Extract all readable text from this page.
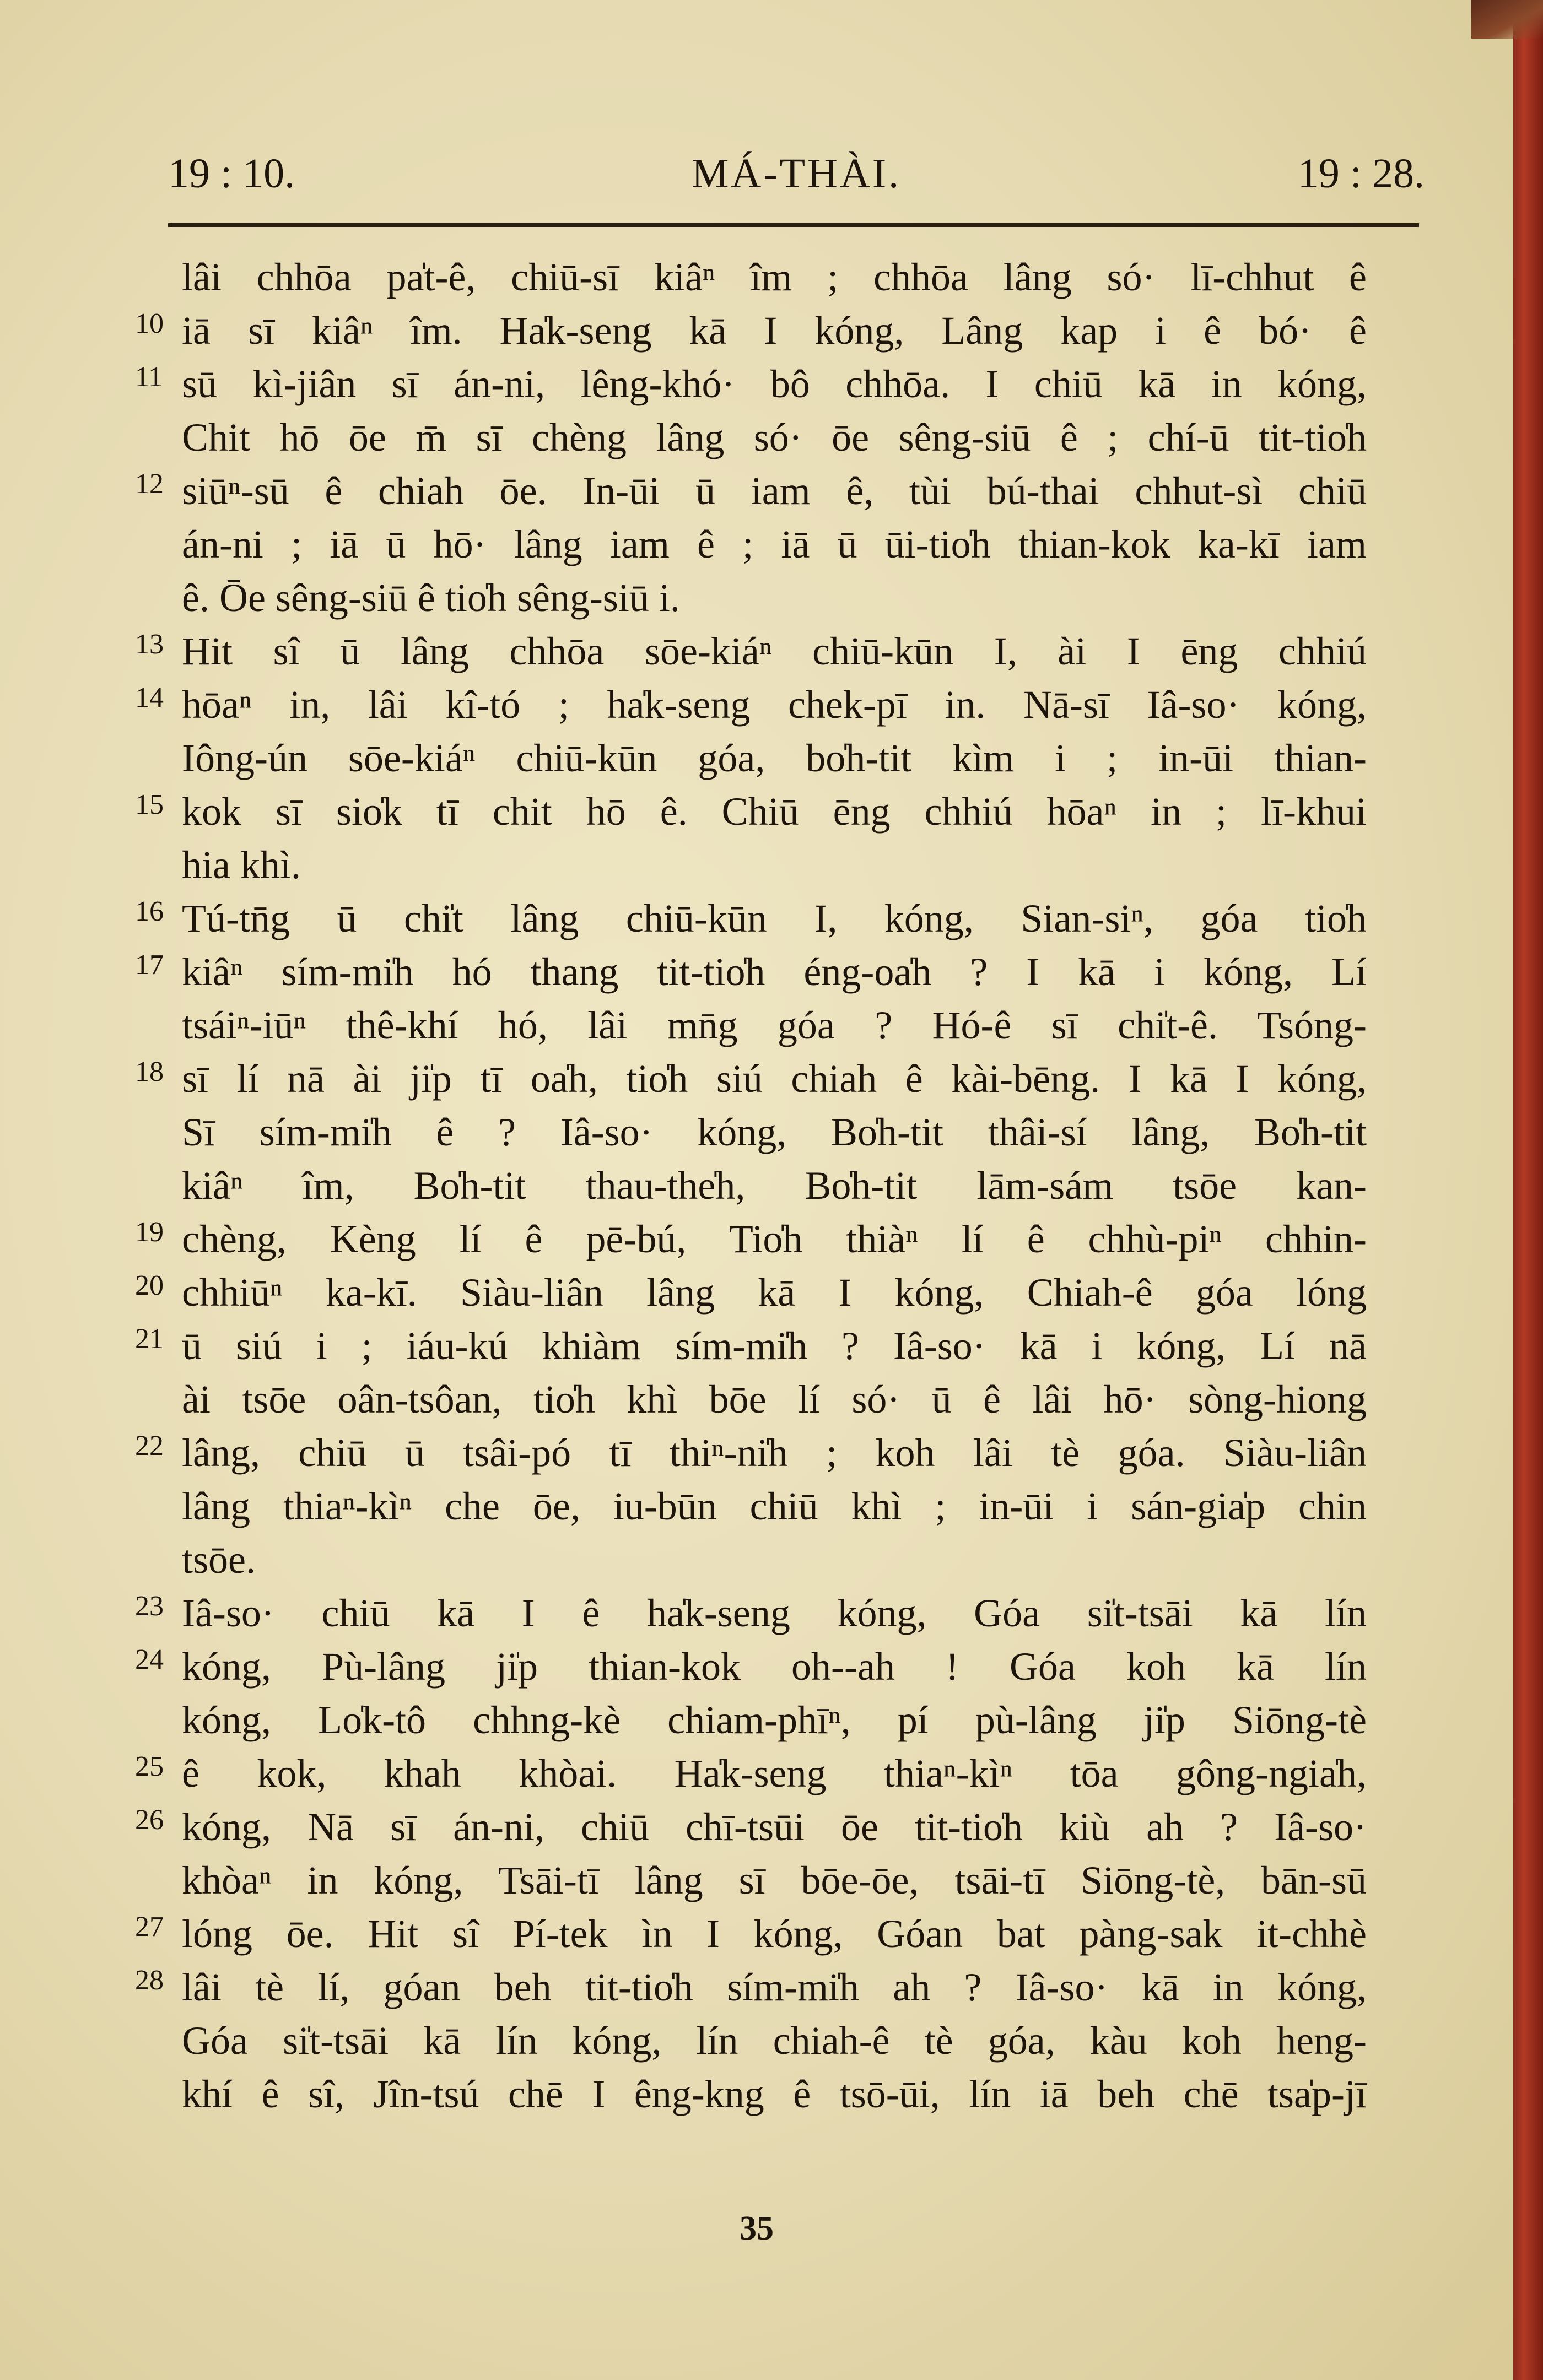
19 : 10.	MÁ-THÀI.	19 : 28.
lâi chhōa pa̍t-ê, chiū-sī kiâⁿ îm ; chhōa lâng só· lī-chhut ê
10 iā sī kiâⁿ îm. Ha̍k-seng kā I kóng, Lâng kap i ê bó· ê
11 sū kì-jiân sī án-ni, lêng-khó· bô chhōa. I chiū kā in kóng,
Chit hō ōe m̄ sī chèng lâng só· ōe sêng-siū ê ; chí-ū tit-tio̍h
12 siūⁿ-sū ê chiah ōe. In-ūi ū iam ê, tùi bú-thai chhut-sì chiū
án-ni ; iā ū hō· lâng iam ê ; iā ū ūi-tio̍h thian-kok ka-kī iam
ê. Ōe sêng-siū ê tio̍h sêng-siū i.
13 Hit sî ū lâng chhōa sōe-kiáⁿ chiū-kūn I, ài I ēng chhiú
14 hōaⁿ in, lâi kî-tó ; ha̍k-seng chek-pī in. Nā-sī Iâ-so· kóng,
Iông-ún sōe-kiáⁿ chiū-kūn góa, bo̍h-tit kìm i ; in-ūi thian-
15 kok sī sio̍k tī chit hō ê. Chiū ēng chhiú hōaⁿ in ; lī-khui
hia khì.
16 Tú-tn̄g ū chi̍t lâng chiū-kūn I, kóng, Sian-siⁿ, góa tio̍h
17 kiâⁿ sím-mi̍h hó thang tit-tio̍h éng-oa̍h ? I kā i kóng, Lí
tsáiⁿ-iūⁿ thê-khí hó, lâi mn̄g góa ? Hó-ê sī chi̍t-ê. Tsóng-
18 sī lí nā ài ji̍p tī oa̍h, tio̍h siú chiah ê kài-bēng. I kā I kóng,
Sī sím-mi̍h ê ? Iâ-so· kóng, Bo̍h-tit thâi-sí lâng, Bo̍h-tit
kiâⁿ îm, Bo̍h-tit thau-the̍h, Bo̍h-tit lām-sám tsōe kan-
19 chèng, Kèng lí ê pē-bú, Tio̍h thiàⁿ lí ê chhù-piⁿ chhin-
20 chhiūⁿ ka-kī. Siàu-liân lâng kā I kóng, Chiah-ê góa lóng
21 ū siú i ; iáu-kú khiàm sím-mi̍h ? Iâ-so· kā i kóng, Lí nā
ài tsōe oân-tsôan, tio̍h khì bōe lí só· ū ê lâi hō· sòng-hiong
22 lâng, chiū ū tsâi-pó tī thiⁿ-ni̍h ; koh lâi tè góa. Siàu-liân
lâng thiaⁿ-kìⁿ che ōe, iu-būn chiū khì ; in-ūi i sán-gia̍p chin
tsōe.
23 Iâ-so· chiū kā I ê ha̍k-seng kóng, Góa si̍t-tsāi kā lín
24 kóng, Pù-lâng ji̍p thian-kok oh--ah ! Góa koh kā lín
kóng, Lo̍k-tô chhng-kè chiam-phīⁿ, pí pù-lâng ji̍p Siōng-tè
25 ê kok, khah khòai. Ha̍k-seng thiaⁿ-kìⁿ tōa gông-ngia̍h,
26 kóng, Nā sī án-ni, chiū chī-tsūi ōe tit-tio̍h kiù ah ? Iâ-so·
khòaⁿ in kóng, Tsāi-tī lâng sī bōe-ōe, tsāi-tī Siōng-tè, bān-sū
27 lóng ōe. Hit sî Pí-tek ìn I kóng, Góan bat pàng-sak it-chhè
28 lâi tè lí, góan beh tit-tio̍h sím-mi̍h ah ? Iâ-so· kā in kóng,
Góa si̍t-tsāi kā lín kóng, lín chiah-ê tè góa, kàu koh heng-
khí ê sî, Jîn-tsú chē I êng-kng ê tsō-ūi, lín iā beh chē tsa̍p-jī
35
